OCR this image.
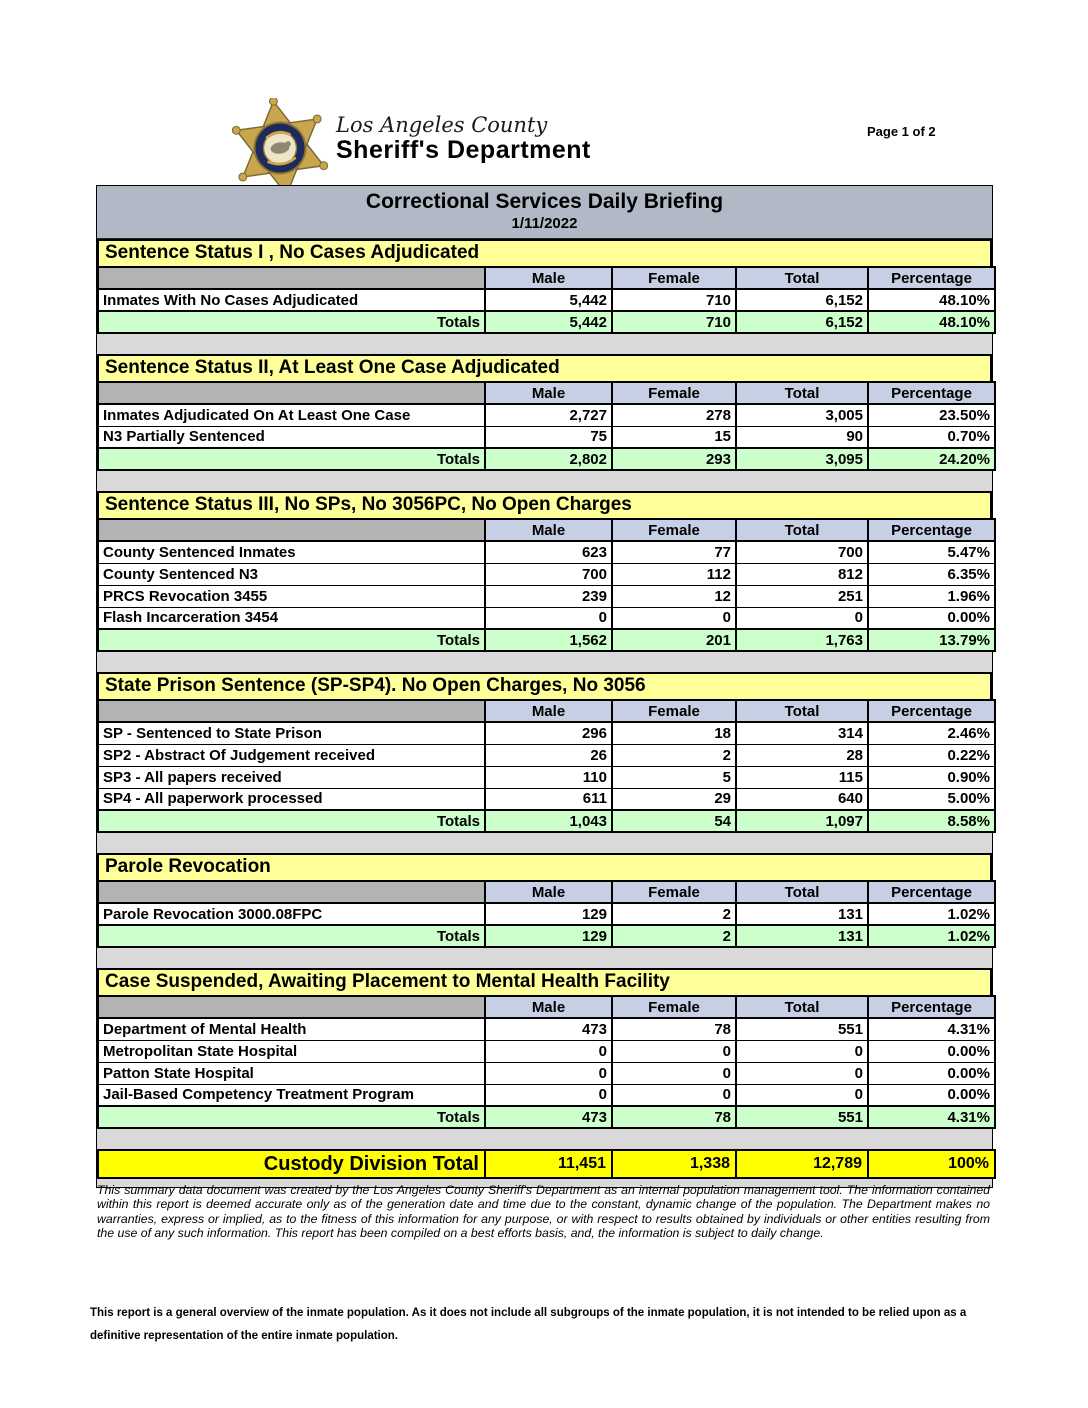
Los Angeles County
Sheriff's Department
Page 1 of 2
Correctional Services Daily Briefing
1/11/2022
Sentence Status I , No Cases Adjudicated
	Male	Female	Total	Percentage
Inmates With No Cases Adjudicated	5,442	710	6,152	48.10%
Totals	5,442	710	6,152	48.10%
Sentence Status II, At Least One Case Adjudicated
	Male	Female	Total	Percentage
Inmates Adjudicated On At Least One Case	2,727	278	3,005	23.50%
N3 Partially Sentenced	75	15	90	0.70%
Totals	2,802	293	3,095	24.20%
Sentence Status III, No SPs, No 3056PC, No Open Charges
	Male	Female	Total	Percentage
County Sentenced Inmates	623	77	700	5.47%
County Sentenced N3	700	112	812	6.35%
PRCS Revocation 3455	239	12	251	1.96%
Flash Incarceration 3454	0	0	0	0.00%
Totals	1,562	201	1,763	13.79%
State Prison Sentence (SP-SP4). No Open Charges, No 3056
	Male	Female	Total	Percentage
SP - Sentenced to State Prison	296	18	314	2.46%
SP2 - Abstract Of Judgement received	26	2	28	0.22%
SP3 - All papers received	110	5	115	0.90%
SP4 - All paperwork processed	611	29	640	5.00%
Totals	1,043	54	1,097	8.58%
Parole Revocation
	Male	Female	Total	Percentage
Parole Revocation 3000.08FPC	129	2	131	1.02%
Totals	129	2	131	1.02%
Case Suspended, Awaiting Placement to Mental Health Facility
	Male	Female	Total	Percentage
Department of Mental Health	473	78	551	4.31%
Metropolitan State Hospital	0	0	0	0.00%
Patton State Hospital	0	0	0	0.00%
Jail-Based Competency Treatment Program	0	0	0	0.00%
Totals	473	78	551	4.31%
Custody Division Total	11,451	1,338	12,789	100%
This summary data document was created by the Los Angeles County Sheriff's Department as an internal population management tool. The information contained within this report is deemed accurate only as of the generation date and time due to the constant, dynamic change of the population. The Department makes no warranties, express or implied, as to the fitness of this information for any purpose, or with respect to results obtained by individuals or other entities resulting from the use of any such information. This report has been compiled on a best efforts basis, and, the information is subject to daily change.
This report is a general overview of the inmate population. As it does not include all subgroups of the inmate population, it is not intended to be relied upon as a definitive representation of the entire inmate population.
